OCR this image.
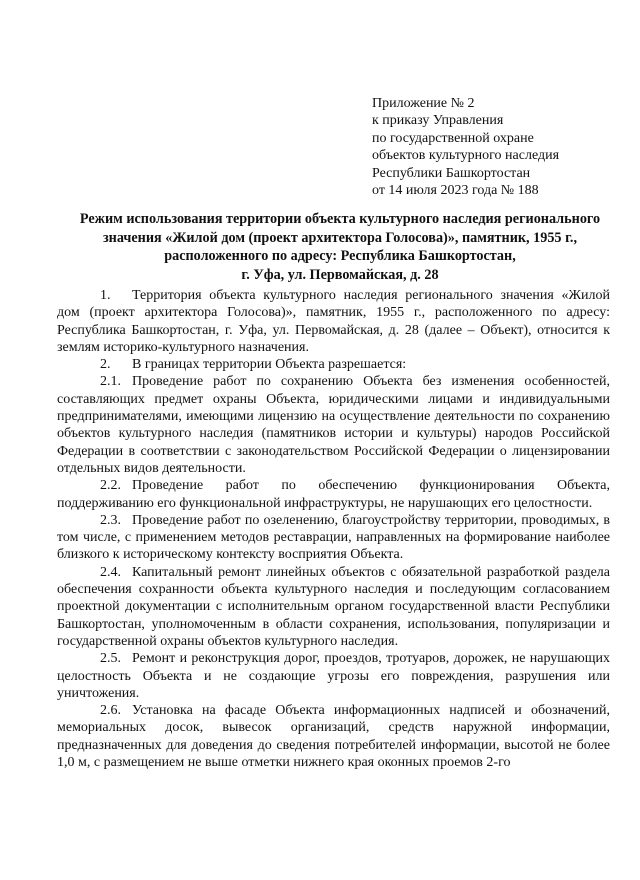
Приложение № 2
к приказу Управления
по государственной охране
объектов культурного наследия
Республики Башкортостан
от 14 июля 2023 года № 188
Режим использования территории объекта культурного наследия регионального
значения «Жилой дом (проект архитектора Голосова)», памятник, 1955 г.,
расположенного по адресу: Республика Башкортостан,
г. Уфа, ул. Первомайская, д. 28

1. Территория объекта культурного наследия регионального значения «Жилой дом (проект архитектора Голосова)», памятник, 1955 г., расположенного по адресу: Республика Башкортостан, г. Уфа, ул. Первомайская, д. 28 (далее – Объект), относится к землям историко-культурного назначения.

2. В границах территории Объекта разрешается:

2.1. Проведение работ по сохранению Объекта без изменения особенностей, составляющих предмет охраны Объекта, юридическими лицами и индивидуальными предпринимателями, имеющими лицензию на осуществление деятельности по сохранению объектов культурного наследия (памятников истории и культуры) народов Российской Федерации в соответствии с законодательством Российской Федерации о лицензировании отдельных видов деятельности.

2.2. Проведение работ по обеспечению функционирования Объекта, поддерживанию его функциональной инфраструктуры, не нарушающих его целостности.

2.3. Проведение работ по озеленению, благоустройству территории, проводимых, в том числе, с применением методов реставрации, направленных на формирование наиболее близкого к историческому контексту восприятия Объекта.

2.4. Капитальный ремонт линейных объектов с обязательной разработкой раздела обеспечения сохранности объекта культурного наследия и последующим согласованием проектной документации с исполнительным органом государственной власти Республики Башкортостан, уполномоченным в области сохранения, использования, популяризации и государственной охраны объектов культурного наследия.

2.5. Ремонт и реконструкция дорог, проездов, тротуаров, дорожек, не нарушающих целостность Объекта и не создающие угрозы его повреждения, разрушения или уничтожения.

2.6. Установка на фасаде Объекта информационных надписей и обозначений, мемориальных досок, вывесок организаций, средств наружной информации, предназначенных для доведения до сведения потребителей информации, высотой не более 1,0 м, с размещением не выше отметки нижнего края оконных проемов 2-го
